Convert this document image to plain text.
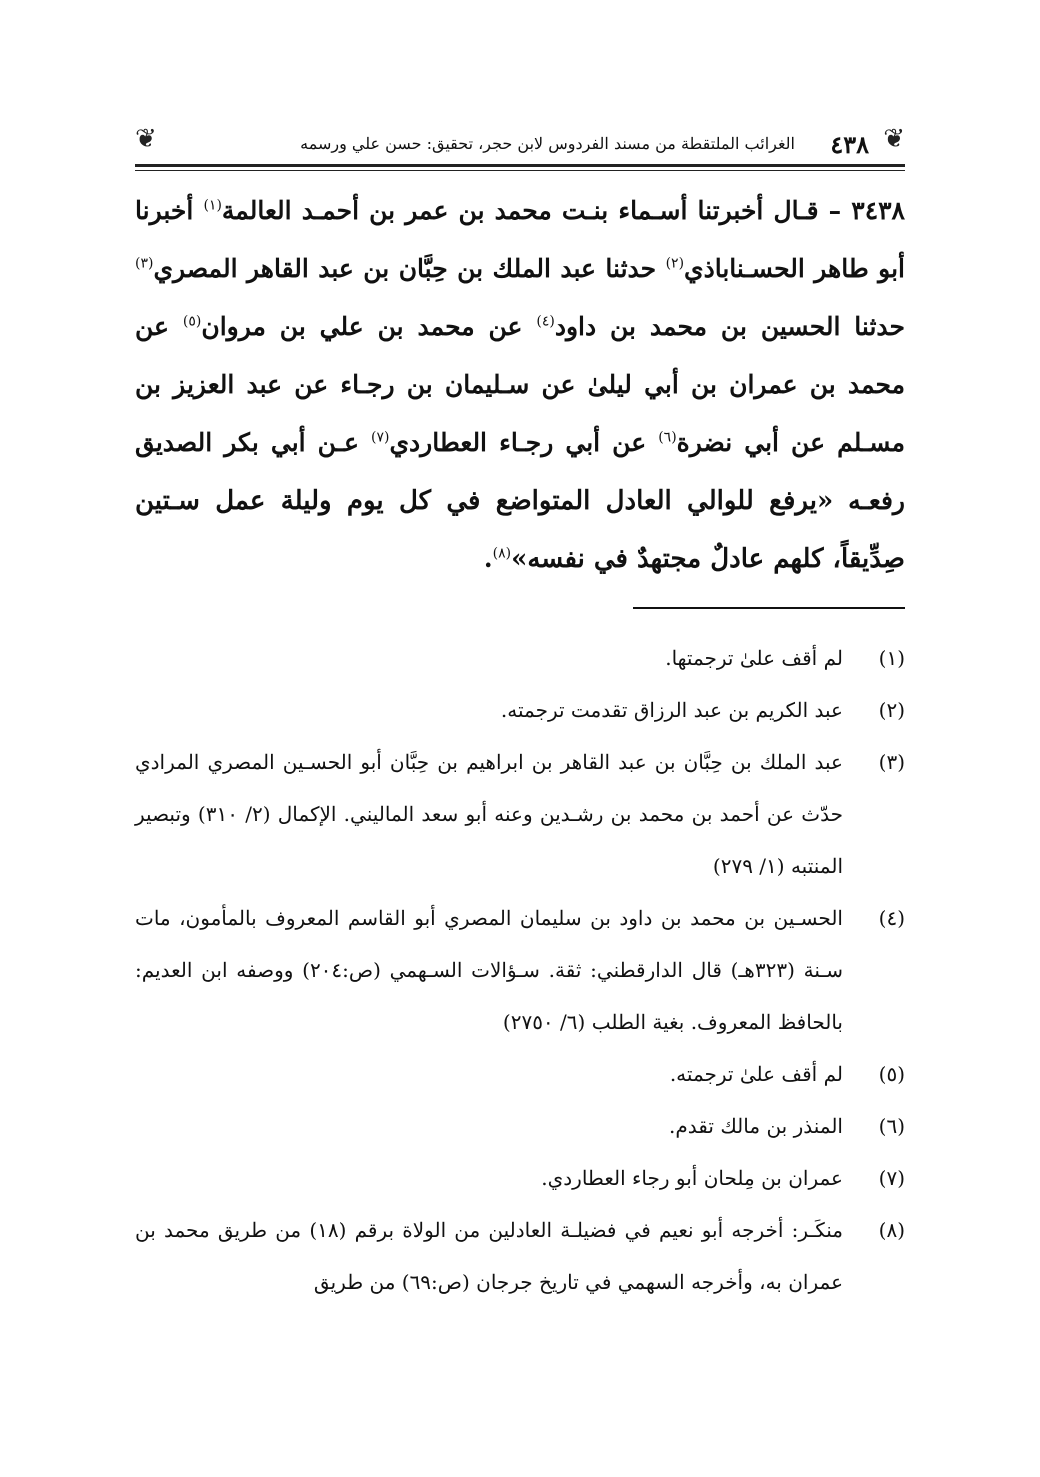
❦
٤٣٨
الغرائب الملتقطة من مسند الفردوس لابن حجر، تحقيق: حسن علي ورسمه
❦

٣٤٣٨ – قـال أخبرتنا أسـماء بنـت محمد بن عمر بن أحمـد العالمة$^{(١)}$ أخبرنا أبو طاهر الحسـناباذي$^{(٢)}$ حدثنا عبد الملك بن حِبَّان بن عبد القاهر المصري$^{(٣)}$ حدثنا الحسين بن محمد بن داود$^{(٤)}$ عن محمد بن علي بن مروان$^{(٥)}$ عن محمد بن عمران بن أبي ليلىٰ عن سـليمان بن رجـاء عن عبد العزيز بن مسـلم عن أبي نضرة$^{(٦)}$ عن أبي رجـاء العطاردي$^{(٧)}$ عـن أبي بكر الصديق رفعـه «يرفع للوالي العادل المتواضع في كل يوم وليلة عمل سـتين صِدِّيقاً، كلهم عادلٌ مجتهدٌ في نفسه»$^{(٨)}$.

(١)
لم أقف علىٰ ترجمتها.
(٢)
عبد الكريم بن عبد الرزاق تقدمت ترجمته.
(٣)
عبد الملك بن حِبَّان بن عبد القاهر بن ابراهيم بن حِبَّان أبو الحسـين المصري المرادي حدّث عن أحمد بن محمد بن رشـدين وعنه أبو سعد الماليني. الإكمال (٢/ ٣١٠) وتبصير المنتبه (١/ ٢٧٩)
(٤)
الحسـين بن محمد بن داود بن سليمان المصري أبو القاسم المعروف بالمأمون، مات سـنة (٣٢٣هـ) قال الدارقطني: ثقة. سـؤالات السـهمي (ص:٢٠٤) ووصفه ابن العديم: بالحافظ المعروف. بغية الطلب (٦/ ٢٧٥٠)
(٥)
لم أقف علىٰ ترجمته.
(٦)
المنذر بن مالك تقدم.
(٧)
عمران بن مِلحان أبو رجاء العطاردي.
(٨)
منكَـر: أخرجه أبو نعيم في فضيلـة العادلين من الولاة برقم (١٨) من طريق محمد بن عمران به، وأخرجه السهمي في تاريخ جرجان (ص:٦٩) من طريق
